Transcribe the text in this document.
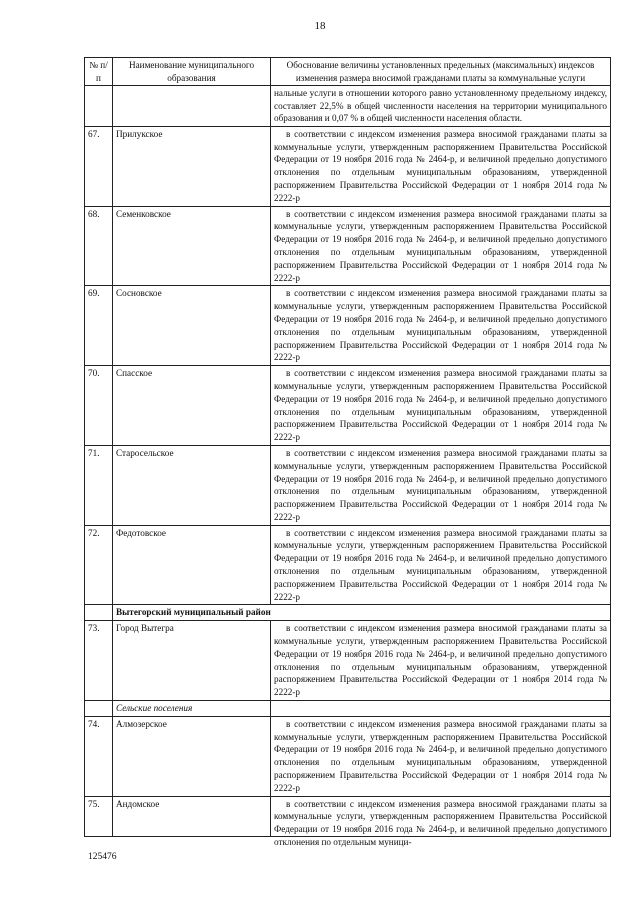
18
№ п/п	Наименование муниципального образования	Обоснование величины установленных предельных (максимальных) индексов изменения размера вносимой гражданами платы за коммунальные услуги
		нальные услуги в отношении которого равно установленному предельному индексу, составляет 22,5% в общей численности населения на территории муниципального образования и 0,07 % в общей численности населения области.
67.	Прилукское	в соответствии с индексом изменения размера вносимой гражданами платы за коммунальные услуги, утвержденным распоряжением Правительства Российской Федерации от 19 ноября 2016 года № 2464-р, и величиной предельно допустимого отклонения по отдельным муниципальным образованиям, утвержденной распоряжением Правительства Российской Федерации от 1 ноября 2014 года № 2222-р
68.	Семенковское	в соответствии с индексом изменения размера вносимой гражданами платы за коммунальные услуги, утвержденным распоряжением Правительства Российской Федерации от 19 ноября 2016 года № 2464-р, и величиной предельно допустимого отклонения по отдельным муниципальным образованиям, утвержденной распоряжением Правительства Российской Федерации от 1 ноября 2014 года № 2222-р
69.	Сосновское	в соответствии с индексом изменения размера вносимой гражданами платы за коммунальные услуги, утвержденным распоряжением Правительства Российской Федерации от 19 ноября 2016 года № 2464-р, и величиной предельно допустимого отклонения по отдельным муниципальным образованиям, утвержденной распоряжением Правительства Российской Федерации от 1 ноября 2014 года № 2222-р
70.	Спасское	в соответствии с индексом изменения размера вносимой гражданами платы за коммунальные услуги, утвержденным распоряжением Правительства Российской Федерации от 19 ноября 2016 года № 2464-р, и величиной предельно допустимого отклонения по отдельным муниципальным образованиям, утвержденной распоряжением Правительства Российской Федерации от 1 ноября 2014 года № 2222-р
71.	Старосельское	в соответствии с индексом изменения размера вносимой гражданами платы за коммунальные услуги, утвержденным распоряжением Правительства Российской Федерации от 19 ноября 2016 года № 2464-р, и величиной предельно допустимого отклонения по отдельным муниципальным образованиям, утвержденной распоряжением Правительства Российской Федерации от 1 ноября 2014 года № 2222-р
72.	Федотовское	в соответствии с индексом изменения размера вносимой гражданами платы за коммунальные услуги, утвержденным распоряжением Правительства Российской Федерации от 19 ноября 2016 года № 2464-р, и величиной предельно допустимого отклонения по отдельным муниципальным образованиям, утвержденной распоряжением Правительства Российской Федерации от 1 ноября 2014 года № 2222-р
	Вытегорский муниципальный район	
73.	Город Вытегра	в соответствии с индексом изменения размера вносимой гражданами платы за коммунальные услуги, утвержденным распоряжением Правительства Российской Федерации от 19 ноября 2016 года № 2464-р, и величиной предельно допустимого отклонения по отдельным муниципальным образованиям, утвержденной распоряжением Правительства Российской Федерации от 1 ноября 2014 года № 2222-р
	Сельские поселения	
74.	Алмозерское	в соответствии с индексом изменения размера вносимой гражданами платы за коммунальные услуги, утвержденным распоряжением Правительства Российской Федерации от 19 ноября 2016 года № 2464-р, и величиной предельно допустимого отклонения по отдельным муниципальным образованиям, утвержденной распоряжением Правительства Российской Федерации от 1 ноября 2014 года № 2222-р
75.	Андомское	в соответствии с индексом изменения размера вносимой гражданами платы за коммунальные услуги, утвержденным распоряжением Правительства Российской Федерации от 19 ноября 2016 года № 2464-р, и величиной предельно допустимого отклонения по отдельным муници-
125476
